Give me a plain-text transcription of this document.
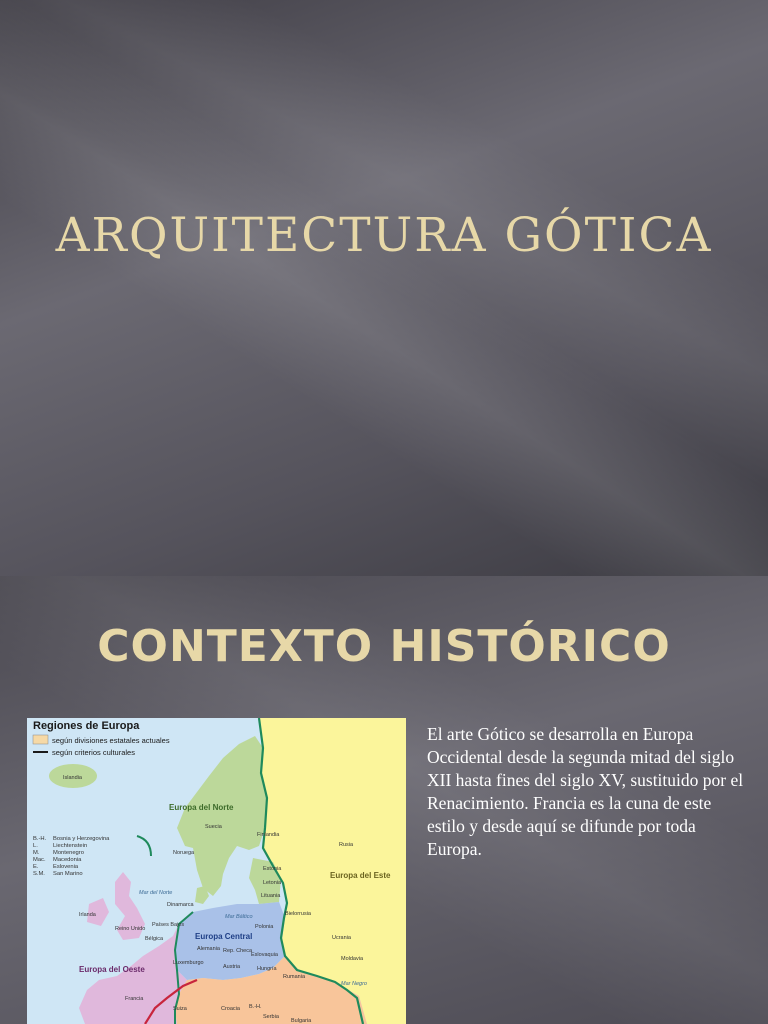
ARQUITECTURA GÓTICA
CONTEXTO HISTÓRICO
Regiones de Europa
según divisiones estatales actuales
según criterios culturales
B.-H. Bosnia y Herzegovina
L.	Liechtenstein
M. Montenegro
Mac. Macedonia
E.	Eslovenia
S.M. San Marino
Europa del Norte
Europa del Este
Europa Central
Europa del Oeste
Islandia
Suecia
Finlandia
Noruega
Rusia
Estonia
Letonia
Lituania
Dinamarca
Bielorrusia
Polonia
Ucrania
Alemania Rep. Checa
Eslovaquia
Moldavia
Luxemburgo
Austria	Hungría
Rumania
Reino Unido
Irlanda
Países Bajos
Bélgica
Francia
Suiza	Croacia B.-H.
Serbia
Bulgaria
Mar del Norte
Mar Báltico
Mar Negro
El arte Gótico se desarrolla en Europa Occidental desde la segunda mitad del siglo XII hasta fines del siglo XV, sustituido por el Renacimiento. Francia es la cuna de este estilo y desde aquí se difunde por toda Europa.
